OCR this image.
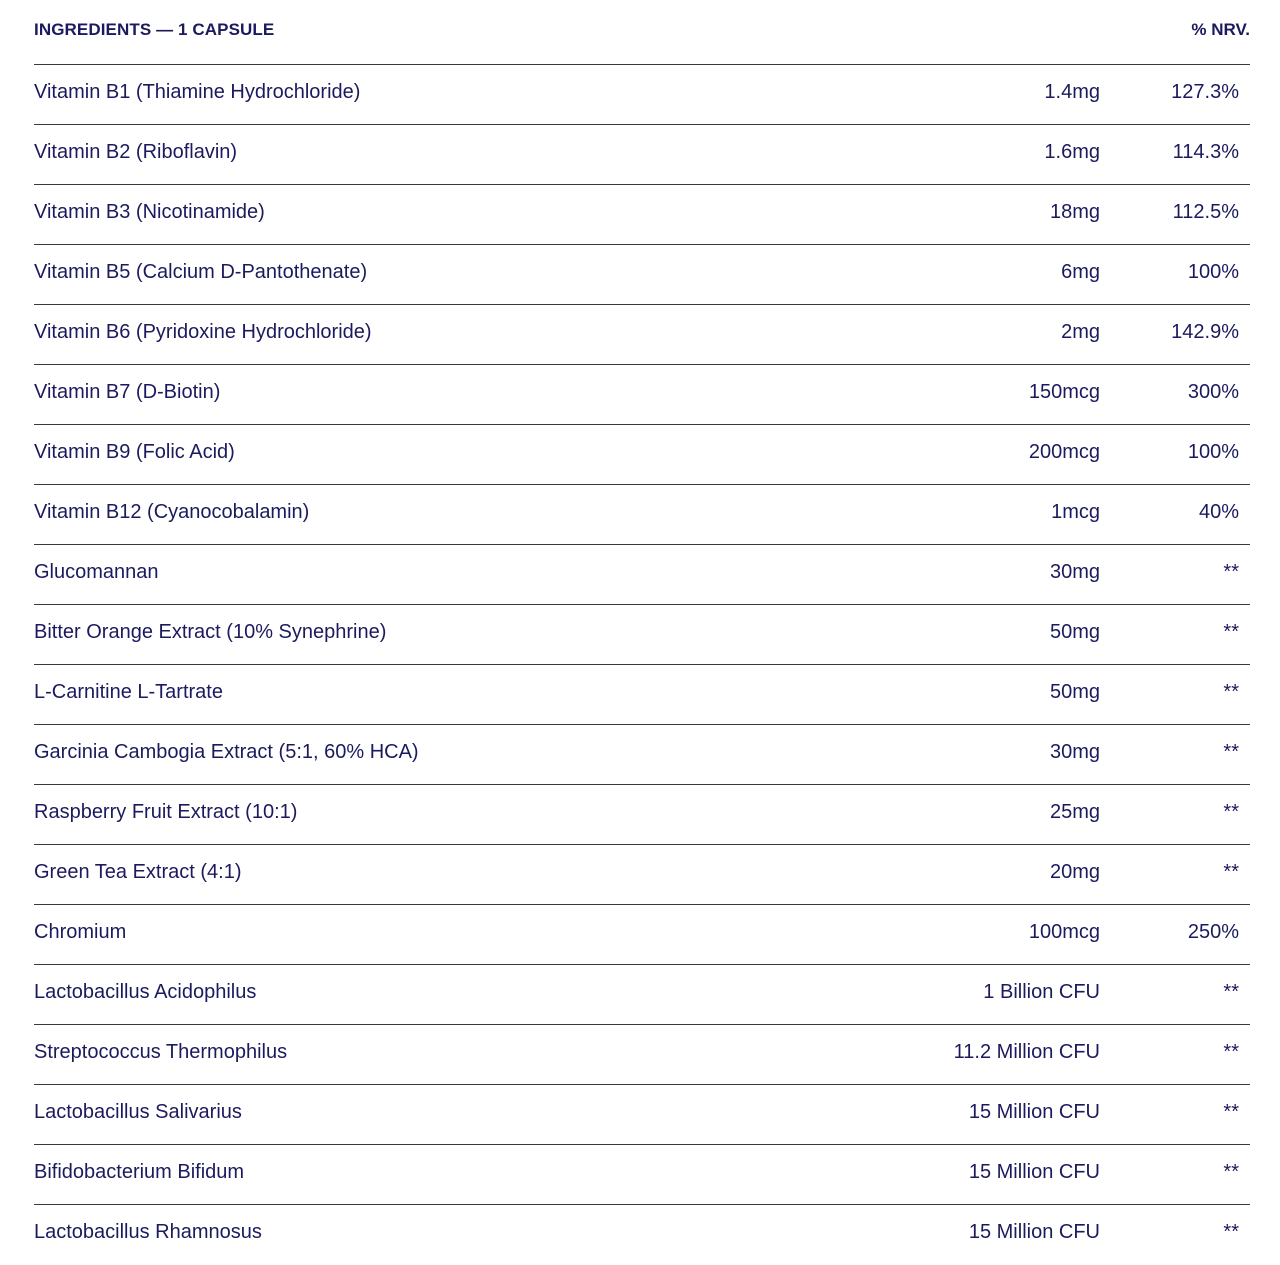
INGREDIENTS — 1 CAPSULE	% NRV.
Vitamin B1 (Thiamine Hydrochloride)	1.4mg	127.3%
Vitamin B2 (Riboflavin)	1.6mg	114.3%
Vitamin B3 (Nicotinamide)	18mg	112.5%
Vitamin B5 (Calcium D-Pantothenate)	6mg	100%
Vitamin B6 (Pyridoxine Hydrochloride)	2mg	142.9%
Vitamin B7 (D-Biotin)	150mcg	300%
Vitamin B9 (Folic Acid)	200mcg	100%
Vitamin B12 (Cyanocobalamin)	1mcg	40%
Glucomannan	30mg	**
Bitter Orange Extract (10% Synephrine)	50mg	**
L-Carnitine L-Tartrate	50mg	**
Garcinia Cambogia Extract (5:1, 60% HCA)	30mg	**
Raspberry Fruit Extract (10:1)	25mg	**
Green Tea Extract (4:1)	20mg	**
Chromium	100mcg	250%
Lactobacillus Acidophilus	1 Billion CFU	**
Streptococcus Thermophilus	11.2 Million CFU	**
Lactobacillus Salivarius	15 Million CFU	**
Bifidobacterium Bifidum	15 Million CFU	**
Lactobacillus Rhamnosus	15 Million CFU	**
